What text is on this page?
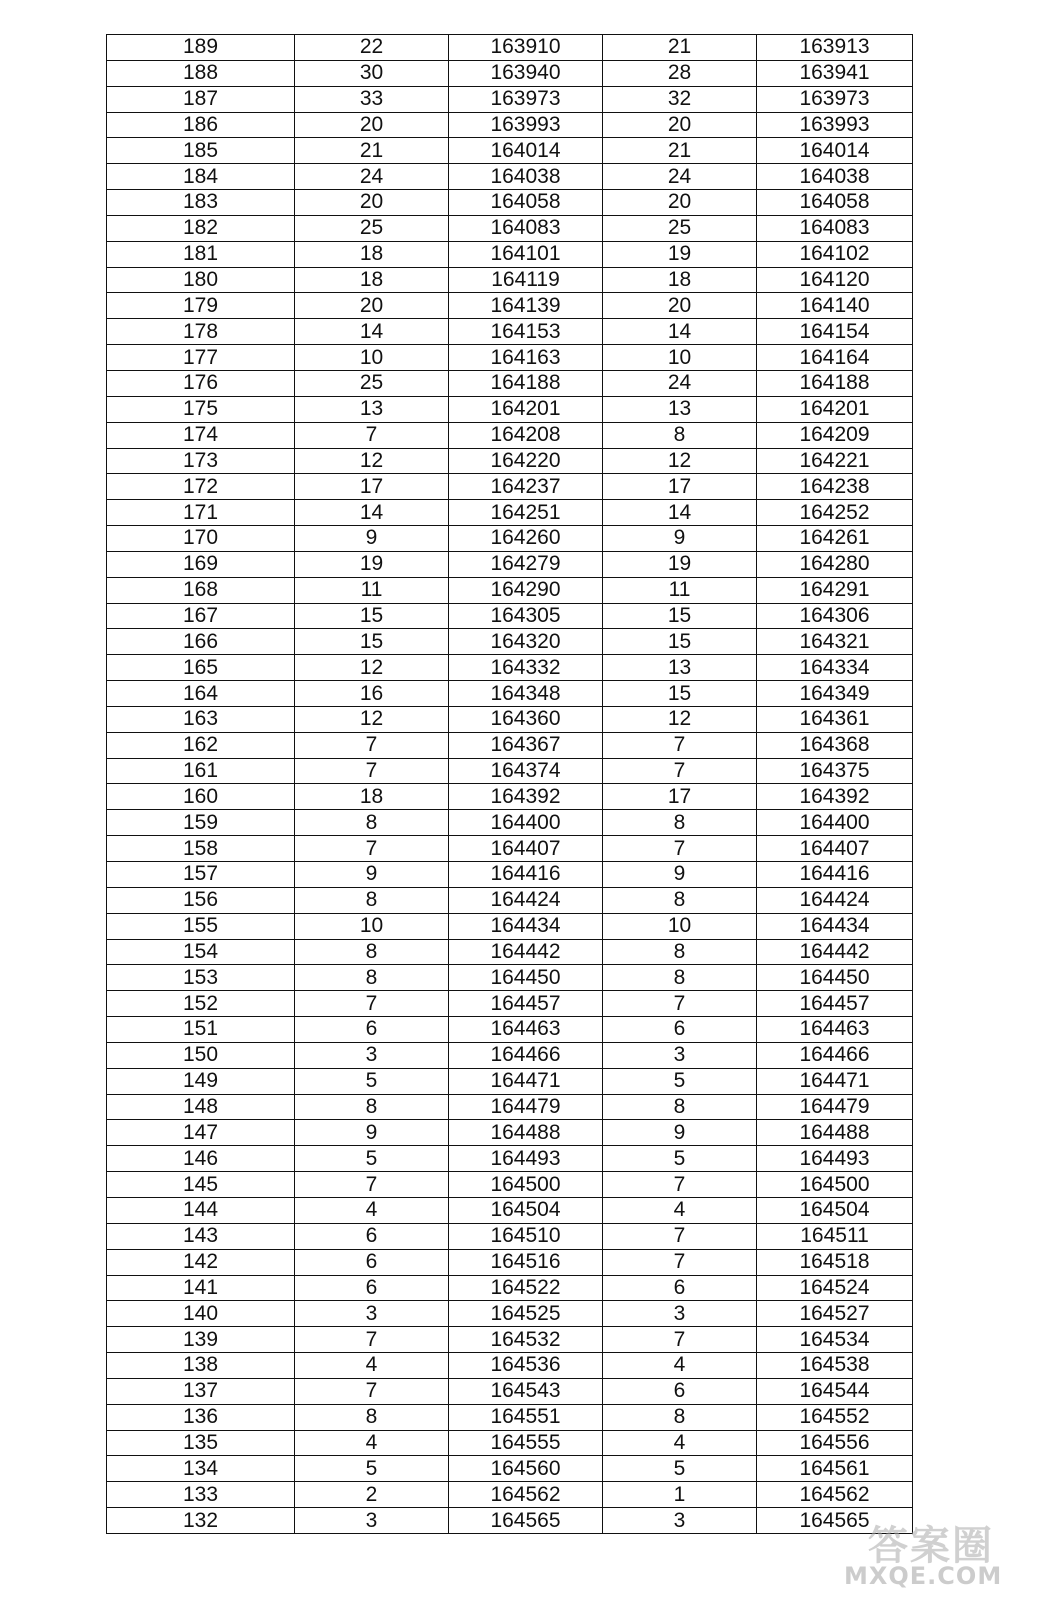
189	22	163910	21	163913
188	30	163940	28	163941
187	33	163973	32	163973
186	20	163993	20	163993
185	21	164014	21	164014
184	24	164038	24	164038
183	20	164058	20	164058
182	25	164083	25	164083
181	18	164101	19	164102
180	18	164119	18	164120
179	20	164139	20	164140
178	14	164153	14	164154
177	10	164163	10	164164
176	25	164188	24	164188
175	13	164201	13	164201
174	7	164208	8	164209
173	12	164220	12	164221
172	17	164237	17	164238
171	14	164251	14	164252
170	9	164260	9	164261
169	19	164279	19	164280
168	11	164290	11	164291
167	15	164305	15	164306
166	15	164320	15	164321
165	12	164332	13	164334
164	16	164348	15	164349
163	12	164360	12	164361
162	7	164367	7	164368
161	7	164374	7	164375
160	18	164392	17	164392
159	8	164400	8	164400
158	7	164407	7	164407
157	9	164416	9	164416
156	8	164424	8	164424
155	10	164434	10	164434
154	8	164442	8	164442
153	8	164450	8	164450
152	7	164457	7	164457
151	6	164463	6	164463
150	3	164466	3	164466
149	5	164471	5	164471
148	8	164479	8	164479
147	9	164488	9	164488
146	5	164493	5	164493
145	7	164500	7	164500
144	4	164504	4	164504
143	6	164510	7	164511
142	6	164516	7	164518
141	6	164522	6	164524
140	3	164525	3	164527
139	7	164532	7	164534
138	4	164536	4	164538
137	7	164543	6	164544
136	8	164551	8	164552
135	4	164555	4	164556
134	5	164560	5	164561
133	2	164562	1	164562
132	3	164565	3	164565
答案圈
MXQE.COM
